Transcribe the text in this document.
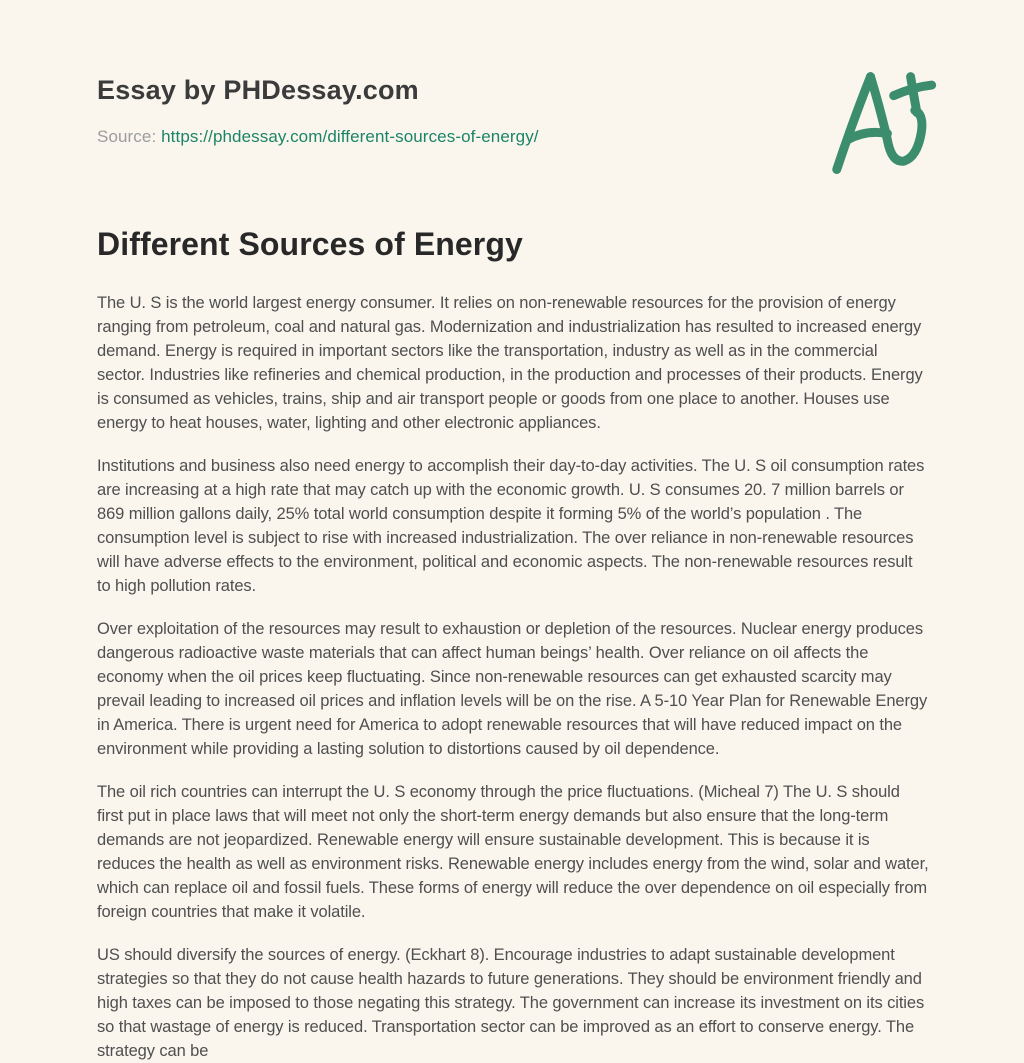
Essay by PHDessay.com
Source: https://phdessay.com/different-sources-of-energy/
Different Sources of Energy

The U. S is the world largest energy consumer. It relies on non-renewable resources for the provision of energy ranging from petroleum, coal and natural gas. Modernization and industrialization has resulted to increased energy demand. Energy is required in important sectors like the transportation, industry as well as in the commercial sector. Industries like refineries and chemical production, in the production and processes of their products. Energy is consumed as vehicles, trains, ship and air transport people or goods from one place to another. Houses use energy to heat houses, water, lighting and other electronic appliances.

Institutions and business also need energy to accomplish their day-to-day activities. The U. S oil consumption rates are increasing at a high rate that may catch up with the economic growth. U. S consumes 20. 7 million barrels or 869 million gallons daily, 25% total world consumption despite it forming 5% of the world’s population . The consumption level is subject to rise with increased industrialization. The over reliance in non-renewable resources will have adverse effects to the environment, political and economic aspects. The non-renewable resources result to high pollution rates.

Over exploitation of the resources may result to exhaustion or depletion of the resources. Nuclear energy produces dangerous radioactive waste materials that can affect human beings’ health. Over reliance on oil affects the economy when the oil prices keep fluctuating. Since non-renewable resources can get exhausted scarcity may prevail leading to increased oil prices and inflation levels will be on the rise. A 5-10 Year Plan for Renewable Energy in America. There is urgent need for America to adopt renewable resources that will have reduced impact on the environment while providing a lasting solution to distortions caused by oil dependence.

The oil rich countries can interrupt the U. S economy through the price fluctuations. (Micheal 7) The U. S should first put in place laws that will meet not only the short-term energy demands but also ensure that the long-term demands are not jeopardized. Renewable energy will ensure sustainable development. This is because it is reduces the health as well as environment risks. Renewable energy includes energy from the wind, solar and water, which can replace oil and fossil fuels. These forms of energy will reduce the over dependence on oil especially from foreign countries that make it volatile.

US should diversify the sources of energy. (Eckhart 8). Encourage industries to adapt sustainable development strategies so that they do not cause health hazards to future generations. They should be environment friendly and high taxes can be imposed to those negating this strategy. The government can increase its investment on its cities so that wastage of energy is reduced. Transportation sector can be improved as an effort to conserve energy. The strategy can be
